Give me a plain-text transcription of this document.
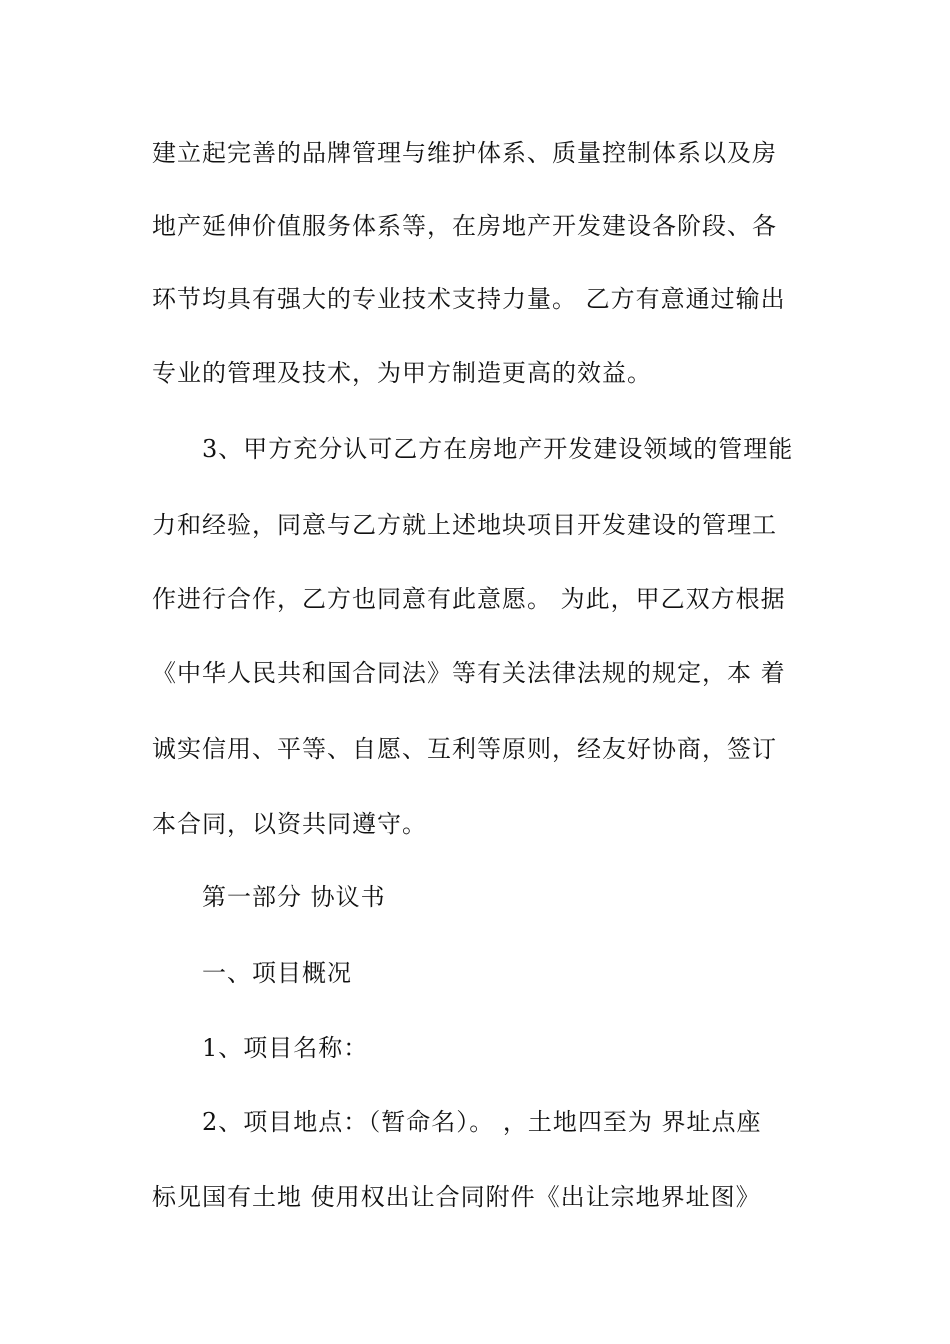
建立起完善的品牌管理与维护体系、质量控制体系以及房
地产延伸价值服务体系等，在房地产开发建设各阶段、各
环节均具有强大的专业技术支持力量。 乙方有意通过输出
专业的管理及技术，为甲方制造更高的效益。
3、甲方充分认可乙方在房地产开发建设领域的管理能
力和经验，同意与乙方就上述地块项目开发建设的管理工
作进行合作，乙方也同意有此意愿。 为此，甲乙双方根据
《中华人民共和国合同法》等有关法律法规的规定，本 着
诚实信用、平等、自愿、互利等原则，经友好协商，签订
本合同，以资共同遵守。
第一部分 协议书
一、项目概况
1、项目名称：
2、项目地点：（暂命名）。 ，土地四至为 界址点座
标见国有土地 使用权出让合同附件《出让宗地界址图》
